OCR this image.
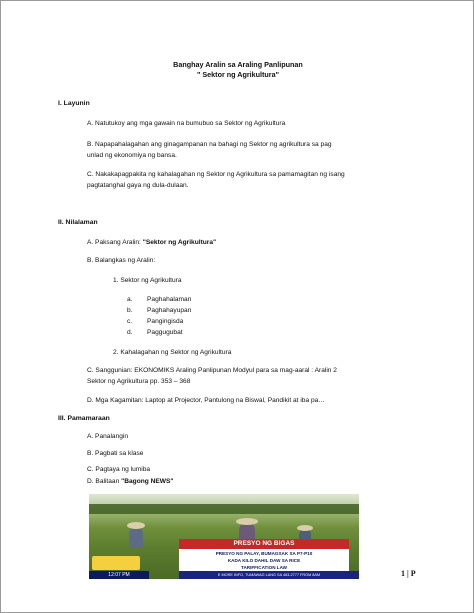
Banghay Aralin sa Araling Panlipunan
" Sektor ng Agrikultura"
I. Layunin
A. Natutukoy ang mga gawain na bumubuo sa Sektor ng Agrikultura
B. Napapahalagahan ang ginagampanan na bahagi ng Sektor ng agrikultura sa pag
unlad ng ekonomiya ng bansa.
C. Nakakapagpakita ng kahalagahan ng Sektor ng Agrikultura sa pamamagitan ng isang
pagtatanghal gaya ng dula-dulaan.
II. Nilalaman
A. Paksang Aralin: "Sektor ng Agrikultura"
B. Balangkas ng Aralin:
1. Sektor ng Agrikultura
a. Paghahalaman
b. Paghahayupan
c. Pangingisda
d. Paggugubat
2. Kahalagahan ng Sektor ng Agrikultura
C. Sanggunian: EKONOMIKS Araling Panlipunan Modyul para sa mag-aaral : Aralin 2
Sektor ng Agrikultura pp. 353 – 368
D. Mga Kagamitan: Laptop at Projector, Pantulong na Biswal, Pandikit at iba pa…
III. Pamamaraan
A. Panalangin
B. Pagbati sa klase
C. Pagtaya ng lumiba
D. Balitaan "Bagong NEWS"
PRESYO NG BIGAS
PRESYO NG PALAY, BUMAGSAK SA P7-P10
KADA KILO DAHIL DAW SA RICE
TARIFFICATION LAW
E MORE INFO, TUMAWAG LANG SA 463-2777 FROM 8AM
12:07 PM	1 | P
